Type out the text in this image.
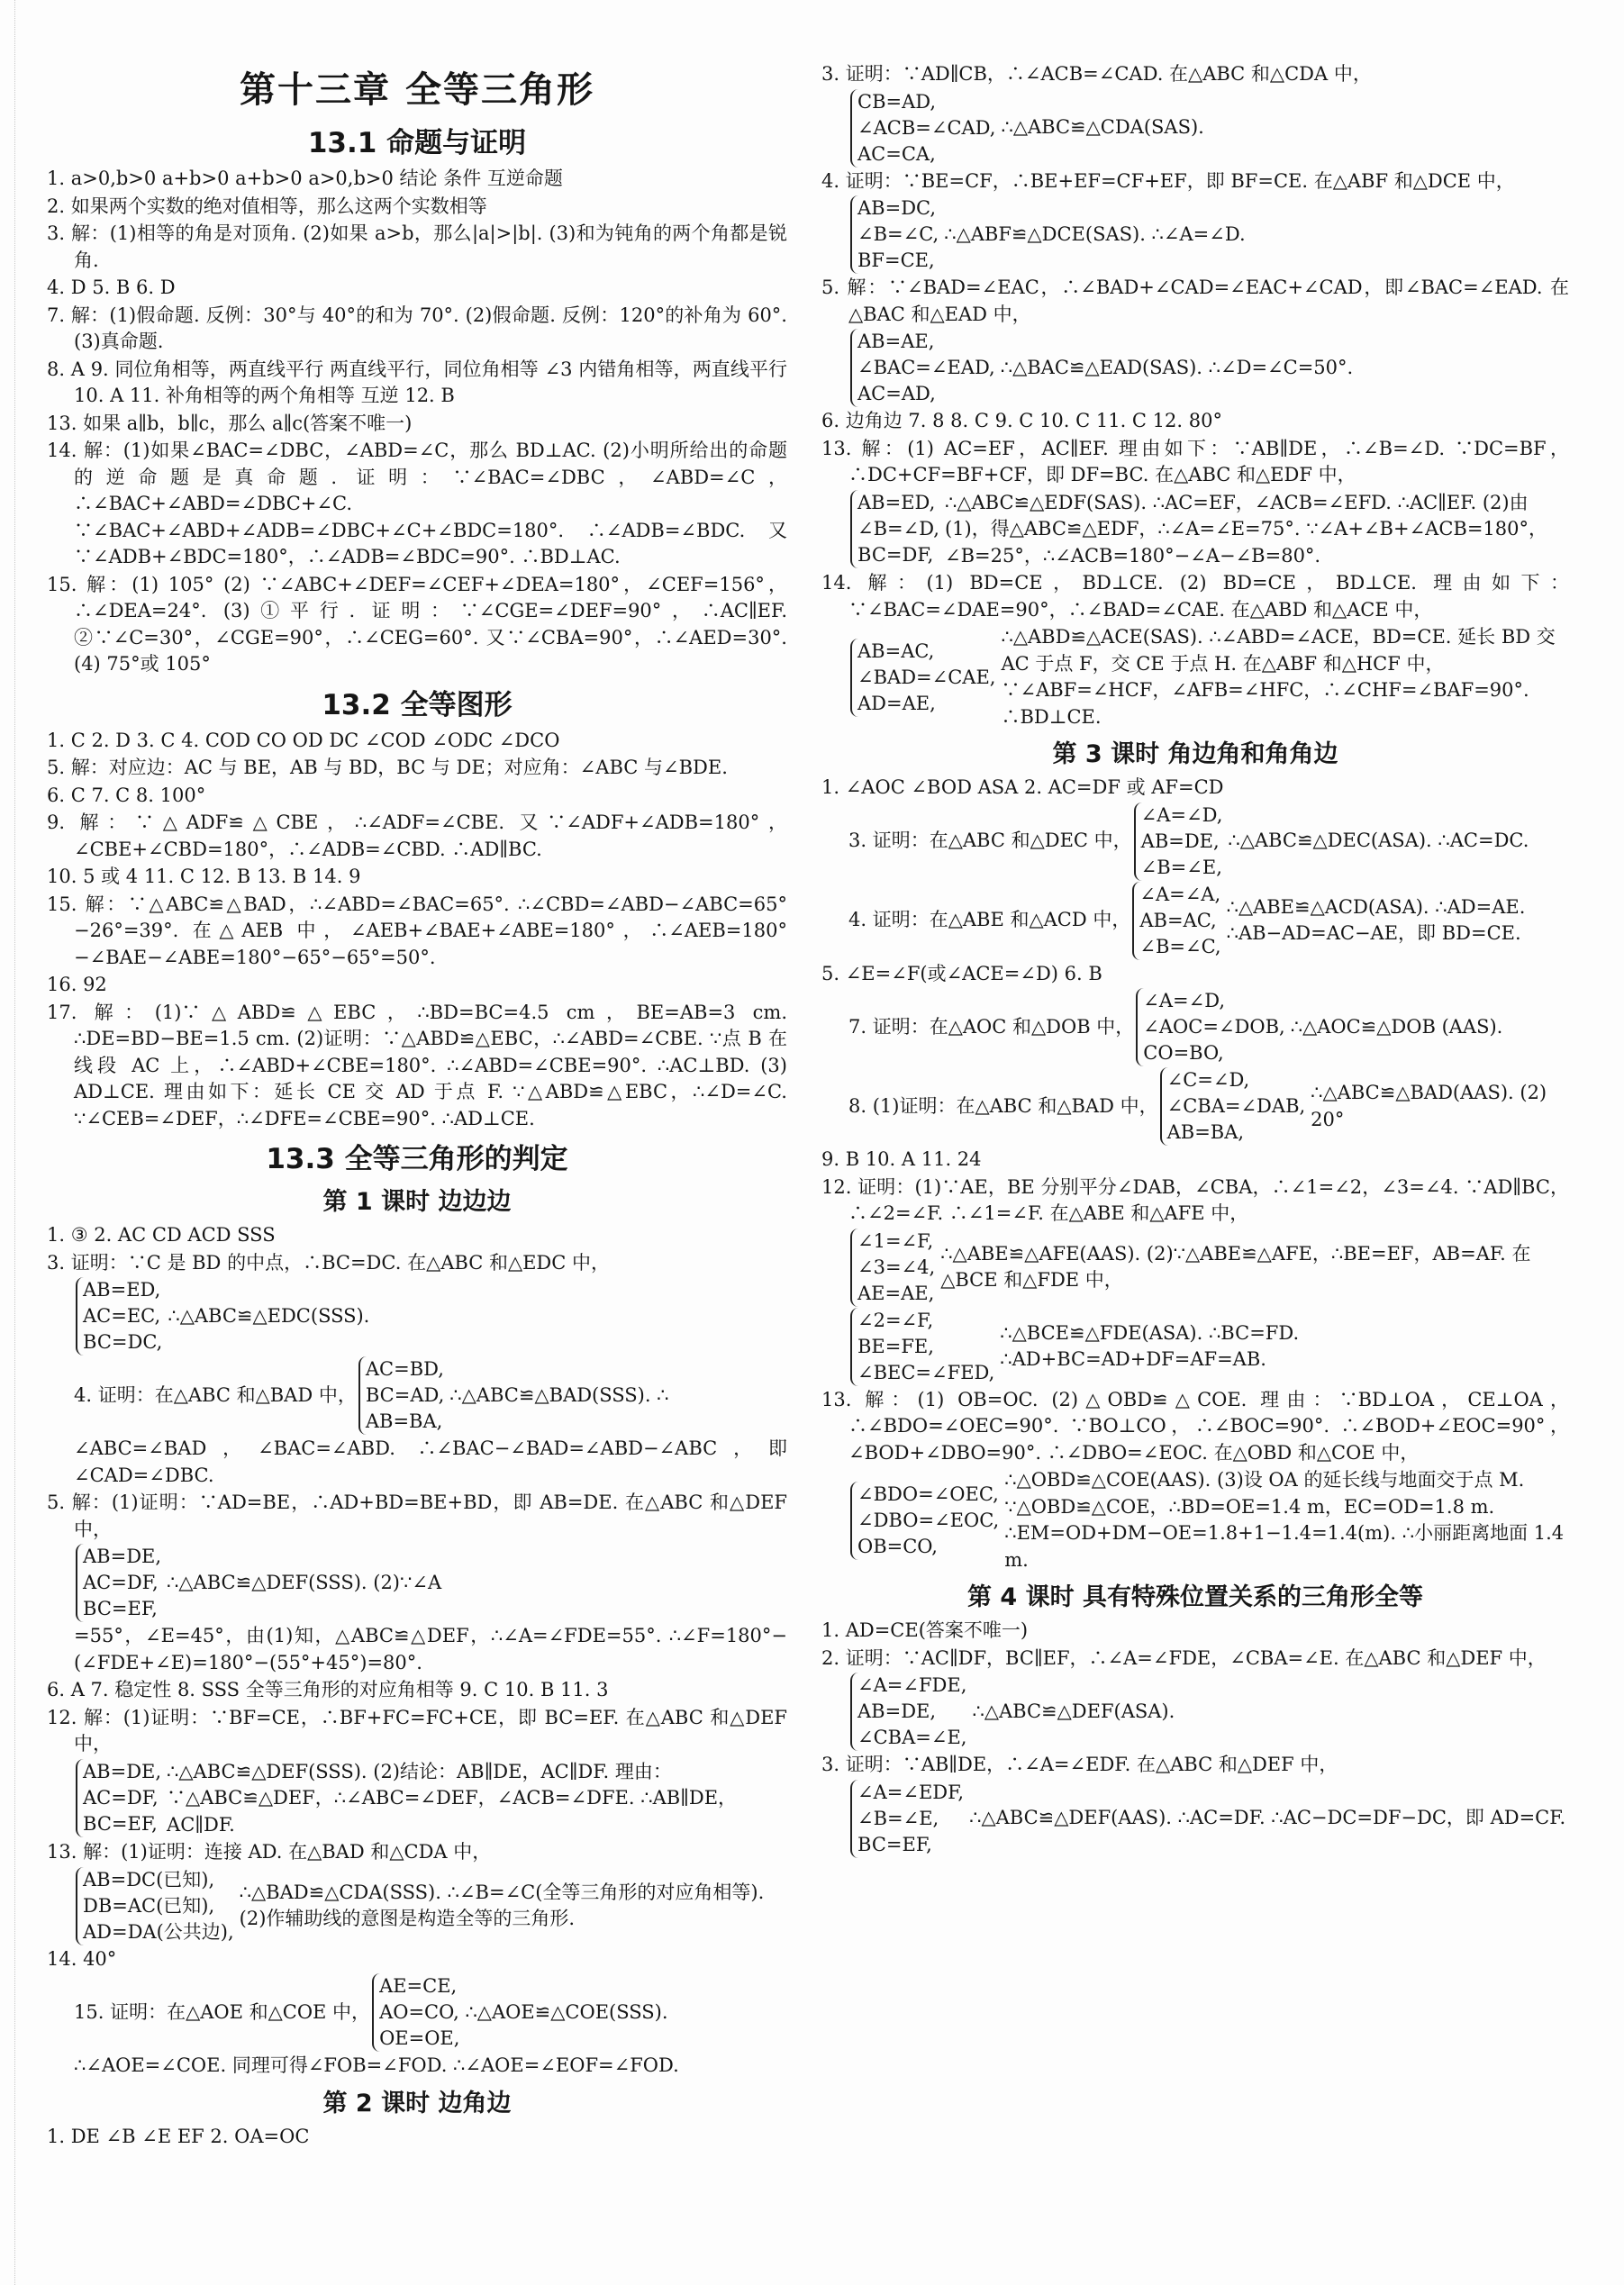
第十三章 全等三角形
13.1 命题与证明

1. a>0,b>0 a+b>0 a+b>0 a>0,b>0 结论 条件 互逆命题

2. 如果两个实数的绝对值相等，那么这两个实数相等

3. 解：(1)相等的角是对顶角. (2)如果 a>b，那么|a|>|b|. (3)和为钝角的两个角都是锐角.

4. D 5. B 6. D

7. 解：(1)假命题. 反例：30°与 40°的和为 70°. (2)假命题. 反例：120°的补角为 60°. (3)真命题.

8. A 9. 同位角相等，两直线平行 两直线平行，同位角相等 ∠3 内错角相等，两直线平行 10. A 11. 补角相等的两个角相等 互逆 12. B

13. 如果 a∥b，b∥c，那么 a∥c(答案不唯一)

14. 解：(1)如果∠BAC=∠DBC，∠ABD=∠C，那么 BD⊥AC. (2)小明所给出的命题的逆命题是真命题. 证明：∵∠BAC=∠DBC，∠ABD=∠C，∴∠BAC+∠ABD=∠DBC+∠C. ∵∠BAC+∠ABD+∠ADB=∠DBC+∠C+∠BDC=180°. ∴∠ADB=∠BDC. 又∵∠ADB+∠BDC=180°，∴∠ADB=∠BDC=90°. ∴BD⊥AC.

15. 解：(1) 105° (2) ∵∠ABC+∠DEF=∠CEF+∠DEA=180°，∠CEF=156°，∴∠DEA=24°. (3)①平行. 证明：∵∠CGE=∠DEF=90°，∴AC∥EF. ②∵∠C=30°，∠CGE=90°，∴∠CEG=60°. 又∵∠CBA=90°，∴∠AED=30°. (4) 75°或 105°

13.2 全等图形

1. C 2. D 3. C 4. COD CO OD DC ∠COD ∠ODC ∠DCO

5. 解：对应边：AC 与 BE，AB 与 BD，BC 与 DE；对应角：∠ABC 与∠BDE.

6. C 7. C 8. 100°

9. 解：∵△ADF≌△CBE，∴∠ADF=∠CBE. 又∵∠ADF+∠ADB=180°，∠CBE+∠CBD=180°，∴∠ADB=∠CBD. ∴AD∥BC.

10. 5 或 4 11. C 12. B 13. B 14. 9

15. 解：∵△ABC≌△BAD，∴∠ABD=∠BAC=65°. ∴∠CBD=∠ABD−∠ABC=65°−26°=39°. 在△AEB 中，∠AEB+∠BAE+∠ABE=180°，∴∠AEB=180°−∠BAE−∠ABE=180°−65°−65°=50°.

16. 92

17. 解：(1)∵△ABD≌△EBC，∴BD=BC=4.5 cm，BE=AB=3 cm. ∴DE=BD−BE=1.5 cm. (2)证明：∵△ABD≌△EBC，∴∠ABD=∠CBE. ∵点 B 在线段 AC 上，∴∠ABD+∠CBE=180°. ∴∠ABD=∠CBE=90°. ∴AC⊥BD. (3) AD⊥CE. 理由如下：延长 CE 交 AD 于点 F. ∵△ABD≌△EBC，∴∠D=∠C. ∵∠CEB=∠DEF，∴∠DFE=∠CBE=90°. ∴AD⊥CE.

13.3 全等三角形的判定
第 1 课时 边边边

1. ③ 2. AC CD ACD SSS

3. 证明：∵C 是 BD 的中点，∴BC=DC. 在△ABC 和△EDC 中，

AB=ED,
AC=EC,
BC=DC,
∴△ABC≌△EDC(SSS).
4. 证明：在△ABC 和△BAD 中，
AC=BD,
BC=AD,
AB=BA,
∴△ABC≌△BAD(SSS). ∴

∠ABC=∠BAD，∠BAC=∠ABD. ∴∠BAC−∠BAD=∠ABD−∠ABC，即∠CAD=∠DBC.

5. 解：(1)证明：∵AD=BE，∴AD+BD=BE+BD，即 AB=DE. 在△ABC 和△DEF 中，

AB=DE,
AC=DF,
BC=EF,
∴△ABC≌△DEF(SSS). (2)∵∠A

=55°，∠E=45°，由(1)知，△ABC≌△DEF，∴∠A=∠FDE=55°. ∴∠F=180°−(∠FDE+∠E)=180°−(55°+45°)=80°.

6. A 7. 稳定性 8. SSS 全等三角形的对应角相等 9. C 10. B 11. 3

12. 解：(1)证明：∵BF=CE，∴BF+FC=FC+CE，即 BC=EF. 在△ABC 和△DEF 中，

AB=DE,
AC=DF,
BC=EF,
∴△ABC≌△DEF(SSS). (2)结论：AB∥DE，AC∥DF. 理由：∵△ABC≌△DEF，∴∠ABC=∠DEF，∠ACB=∠DFE. ∴AB∥DE，AC∥DF.

13. 解：(1)证明：连接 AD. 在△BAD 和△CDA 中，

AB=DC(已知),
DB=AC(已知),
AD=DA(公共边),
∴△BAD≌△CDA(SSS). ∴∠B=∠C(全等三角形的对应角相等). (2)作辅助线的意图是构造全等的三角形.

14. 40°

15. 证明：在△AOE 和△COE 中，
AE=CE,
AO=CO,
OE=OE,
∴△AOE≌△COE(SSS).

∴∠AOE=∠COE. 同理可得∠FOB=∠FOD. ∴∠AOE=∠EOF=∠FOD.

第 2 课时 边角边

1. DE ∠B ∠E EF 2. OA=OC

3. 证明：∵AD∥CB，∴∠ACB=∠CAD. 在△ABC 和△CDA 中，

CB=AD,
∠ACB=∠CAD,
AC=CA,
∴△ABC≌△CDA(SAS).

4. 证明：∵BE=CF，∴BE+EF=CF+EF，即 BF=CE. 在△ABF 和△DCE 中，

AB=DC,
∠B=∠C,
BF=CE,
∴△ABF≌△DCE(SAS). ∴∠A=∠D.

5. 解：∵∠BAD=∠EAC，∴∠BAD+∠CAD=∠EAC+∠CAD，即∠BAC=∠EAD. 在△BAC 和△EAD 中，

AB=AE,
∠BAC=∠EAD,
AC=AD,
∴△BAC≌△EAD(SAS). ∴∠D=∠C=50°.

6. 边角边 7. 8 8. C 9. C 10. C 11. C 12. 80°

13. 解：(1) AC=EF，AC∥EF. 理由如下：∵AB∥DE，∴∠B=∠D. ∵DC=BF，∴DC+CF=BF+CF，即 DF=BC. 在△ABC 和△EDF 中，

AB=ED,
∠B=∠D,
BC=DF,
∴△ABC≌△EDF(SAS). ∴AC=EF，∠ACB=∠EFD. ∴AC∥EF. (2)由(1)，得△ABC≌△EDF，∴∠A=∠E=75°. ∵∠A+∠B+∠ACB=180°，∠B=25°，∴∠ACB=180°−∠A−∠B=80°.

14. 解：(1) BD=CE，BD⊥CE. (2) BD=CE，BD⊥CE. 理由如下：∵∠BAC=∠DAE=90°，∴∠BAD=∠CAE. 在△ABD 和△ACE 中，

AB=AC,
∠BAD=∠CAE,
AD=AE,
∴△ABD≌△ACE(SAS). ∴∠ABD=∠ACE，BD=CE. 延长 BD 交 AC 于点 F，交 CE 于点 H. 在△ABF 和△HCF 中，∵∠ABF=∠HCF，∠AFB=∠HFC，∴∠CHF=∠BAF=90°. ∴BD⊥CE.
第 3 课时 角边角和角角边

1. ∠AOC ∠BOD ASA 2. AC=DF 或 AF=CD

3. 证明：在△ABC 和△DEC 中，
∠A=∠D,
AB=DE,
∠B=∠E,
∴△ABC≌△DEC(ASA). ∴AC=DC.
4. 证明：在△ABE 和△ACD 中，
∠A=∠A,
AB=AC,
∠B=∠C,
∴△ABE≌△ACD(ASA). ∴AD=AE. ∴AB−AD=AC−AE，即 BD=CE.

5. ∠E=∠F(或∠ACE=∠D) 6. B

7. 证明：在△AOC 和△DOB 中，
∠A=∠D,
∠AOC=∠DOB,
CO=BO,
∴△AOC≌△DOB (AAS).
8. (1)证明：在△ABC 和△BAD 中，
∠C=∠D,
∠CBA=∠DAB,
AB=BA,
∴△ABC≌△BAD(AAS). (2) 20°

9. B 10. A 11. 24

12. 证明：(1)∵AE，BE 分别平分∠DAB，∠CBA，∴∠1=∠2，∠3=∠4. ∵AD∥BC，∴∠2=∠F. ∴∠1=∠F. 在△ABE 和△AFE 中，

∠1=∠F,
∠3=∠4,
AE=AE,
∴△ABE≌△AFE(AAS). (2)∵△ABE≌△AFE，∴BE=EF，AB=AF. 在△BCE 和△FDE 中，
∠2=∠F,
BE=FE,
∠BEC=∠FED,
∴△BCE≌△FDE(ASA). ∴BC=FD. ∴AD+BC=AD+DF=AF=AB.

13. 解：(1) OB=OC. (2)△OBD≌△COE. 理由：∵BD⊥OA，CE⊥OA，∴∠BDO=∠OEC=90°. ∵BO⊥CO，∴∠BOC=90°. ∴∠BOD+∠EOC=90°，∠BOD+∠DBO=90°. ∴∠DBO=∠EOC. 在△OBD 和△COE 中，

∠BDO=∠OEC,
∠DBO=∠EOC,
OB=CO,
∴△OBD≌△COE(AAS). (3)设 OA 的延长线与地面交于点 M. ∵△OBD≌△COE，∴BD=OE=1.4 m，EC=OD=1.8 m. ∴EM=OD+DM−OE=1.8+1−1.4=1.4(m). ∴小丽距离地面 1.4 m.
第 4 课时 具有特殊位置关系的三角形全等

1. AD=CE(答案不唯一)

2. 证明：∵AC∥DF，BC∥EF，∴∠A=∠FDE，∠CBA=∠E. 在△ABC 和△DEF 中，

∠A=∠FDE,
AB=DE,
∠CBA=∠E,
∴△ABC≌△DEF(ASA).

3. 证明：∵AB∥DE，∴∠A=∠EDF. 在△ABC 和△DEF 中，

∠A=∠EDF,
∠B=∠E,
BC=EF,
∴△ABC≌△DEF(AAS). ∴AC=DF. ∴AC−DC=DF−DC，即 AD=CF.
